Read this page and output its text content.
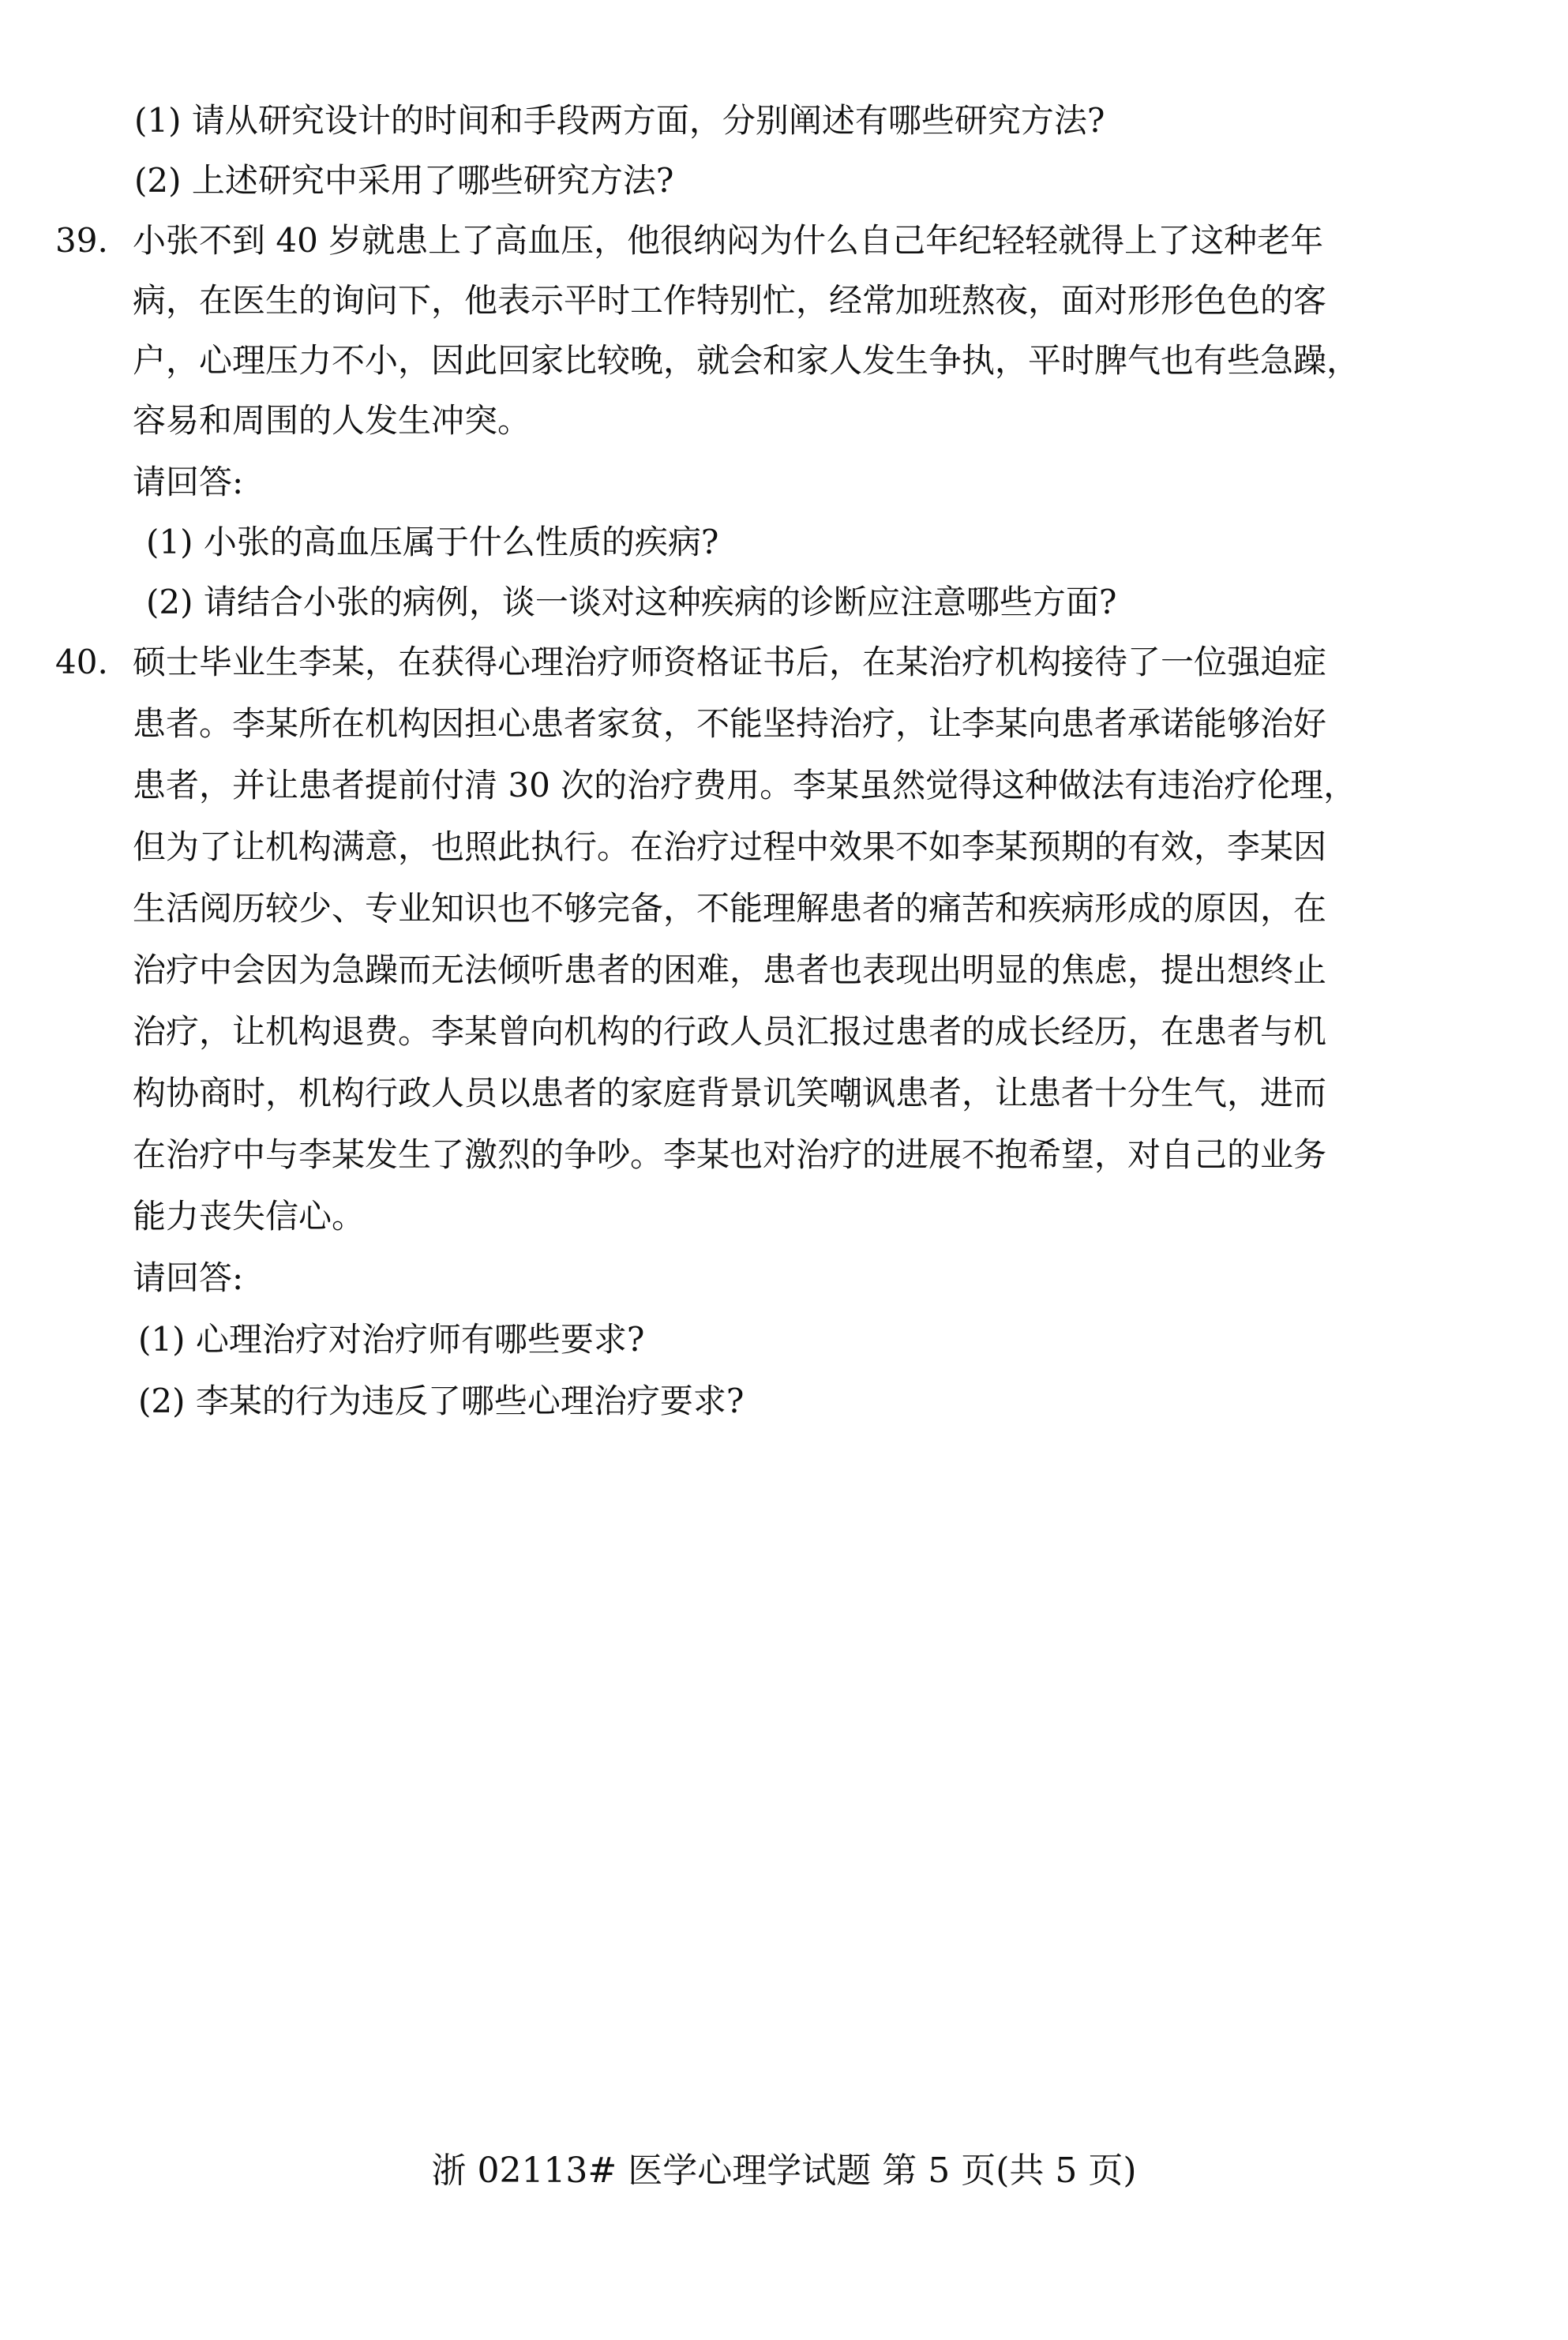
(1) 请从研究设计的时间和手段两方面，分别阐述有哪些研究方法?
(2) 上述研究中采用了哪些研究方法?
39. 小张不到 40 岁就患上了高血压，他很纳闷为什么自己年纪轻轻就得上了这种老年
病，在医生的询问下，他表示平时工作特别忙，经常加班熬夜，面对形形色色的客
户，心理压力不小，因此回家比较晚，就会和家人发生争执，平时脾气也有些急躁，
容易和周围的人发生冲突。
请回答:
(1) 小张的高血压属于什么性质的疾病?
(2) 请结合小张的病例，谈一谈对这种疾病的诊断应注意哪些方面?
40. 硕士毕业生李某，在获得心理治疗师资格证书后，在某治疗机构接待了一位强迫症
患者。李某所在机构因担心患者家贫，不能坚持治疗，让李某向患者承诺能够治好
患者，并让患者提前付清 30 次的治疗费用。李某虽然觉得这种做法有违治疗伦理，
但为了让机构满意，也照此执行。在治疗过程中效果不如李某预期的有效，李某因
生活阅历较少、专业知识也不够完备，不能理解患者的痛苦和疾病形成的原因，在
治疗中会因为急躁而无法倾听患者的困难，患者也表现出明显的焦虑，提出想终止
治疗，让机构退费。李某曾向机构的行政人员汇报过患者的成长经历，在患者与机
构协商时，机构行政人员以患者的家庭背景讥笑嘲讽患者，让患者十分生气，进而
在治疗中与李某发生了激烈的争吵。李某也对治疗的进展不抱希望，对自己的业务
能力丧失信心。
请回答:
(1) 心理治疗对治疗师有哪些要求?
(2) 李某的行为违反了哪些心理治疗要求?
浙 02113# 医学心理学试题 第 5 页(共 5 页)
